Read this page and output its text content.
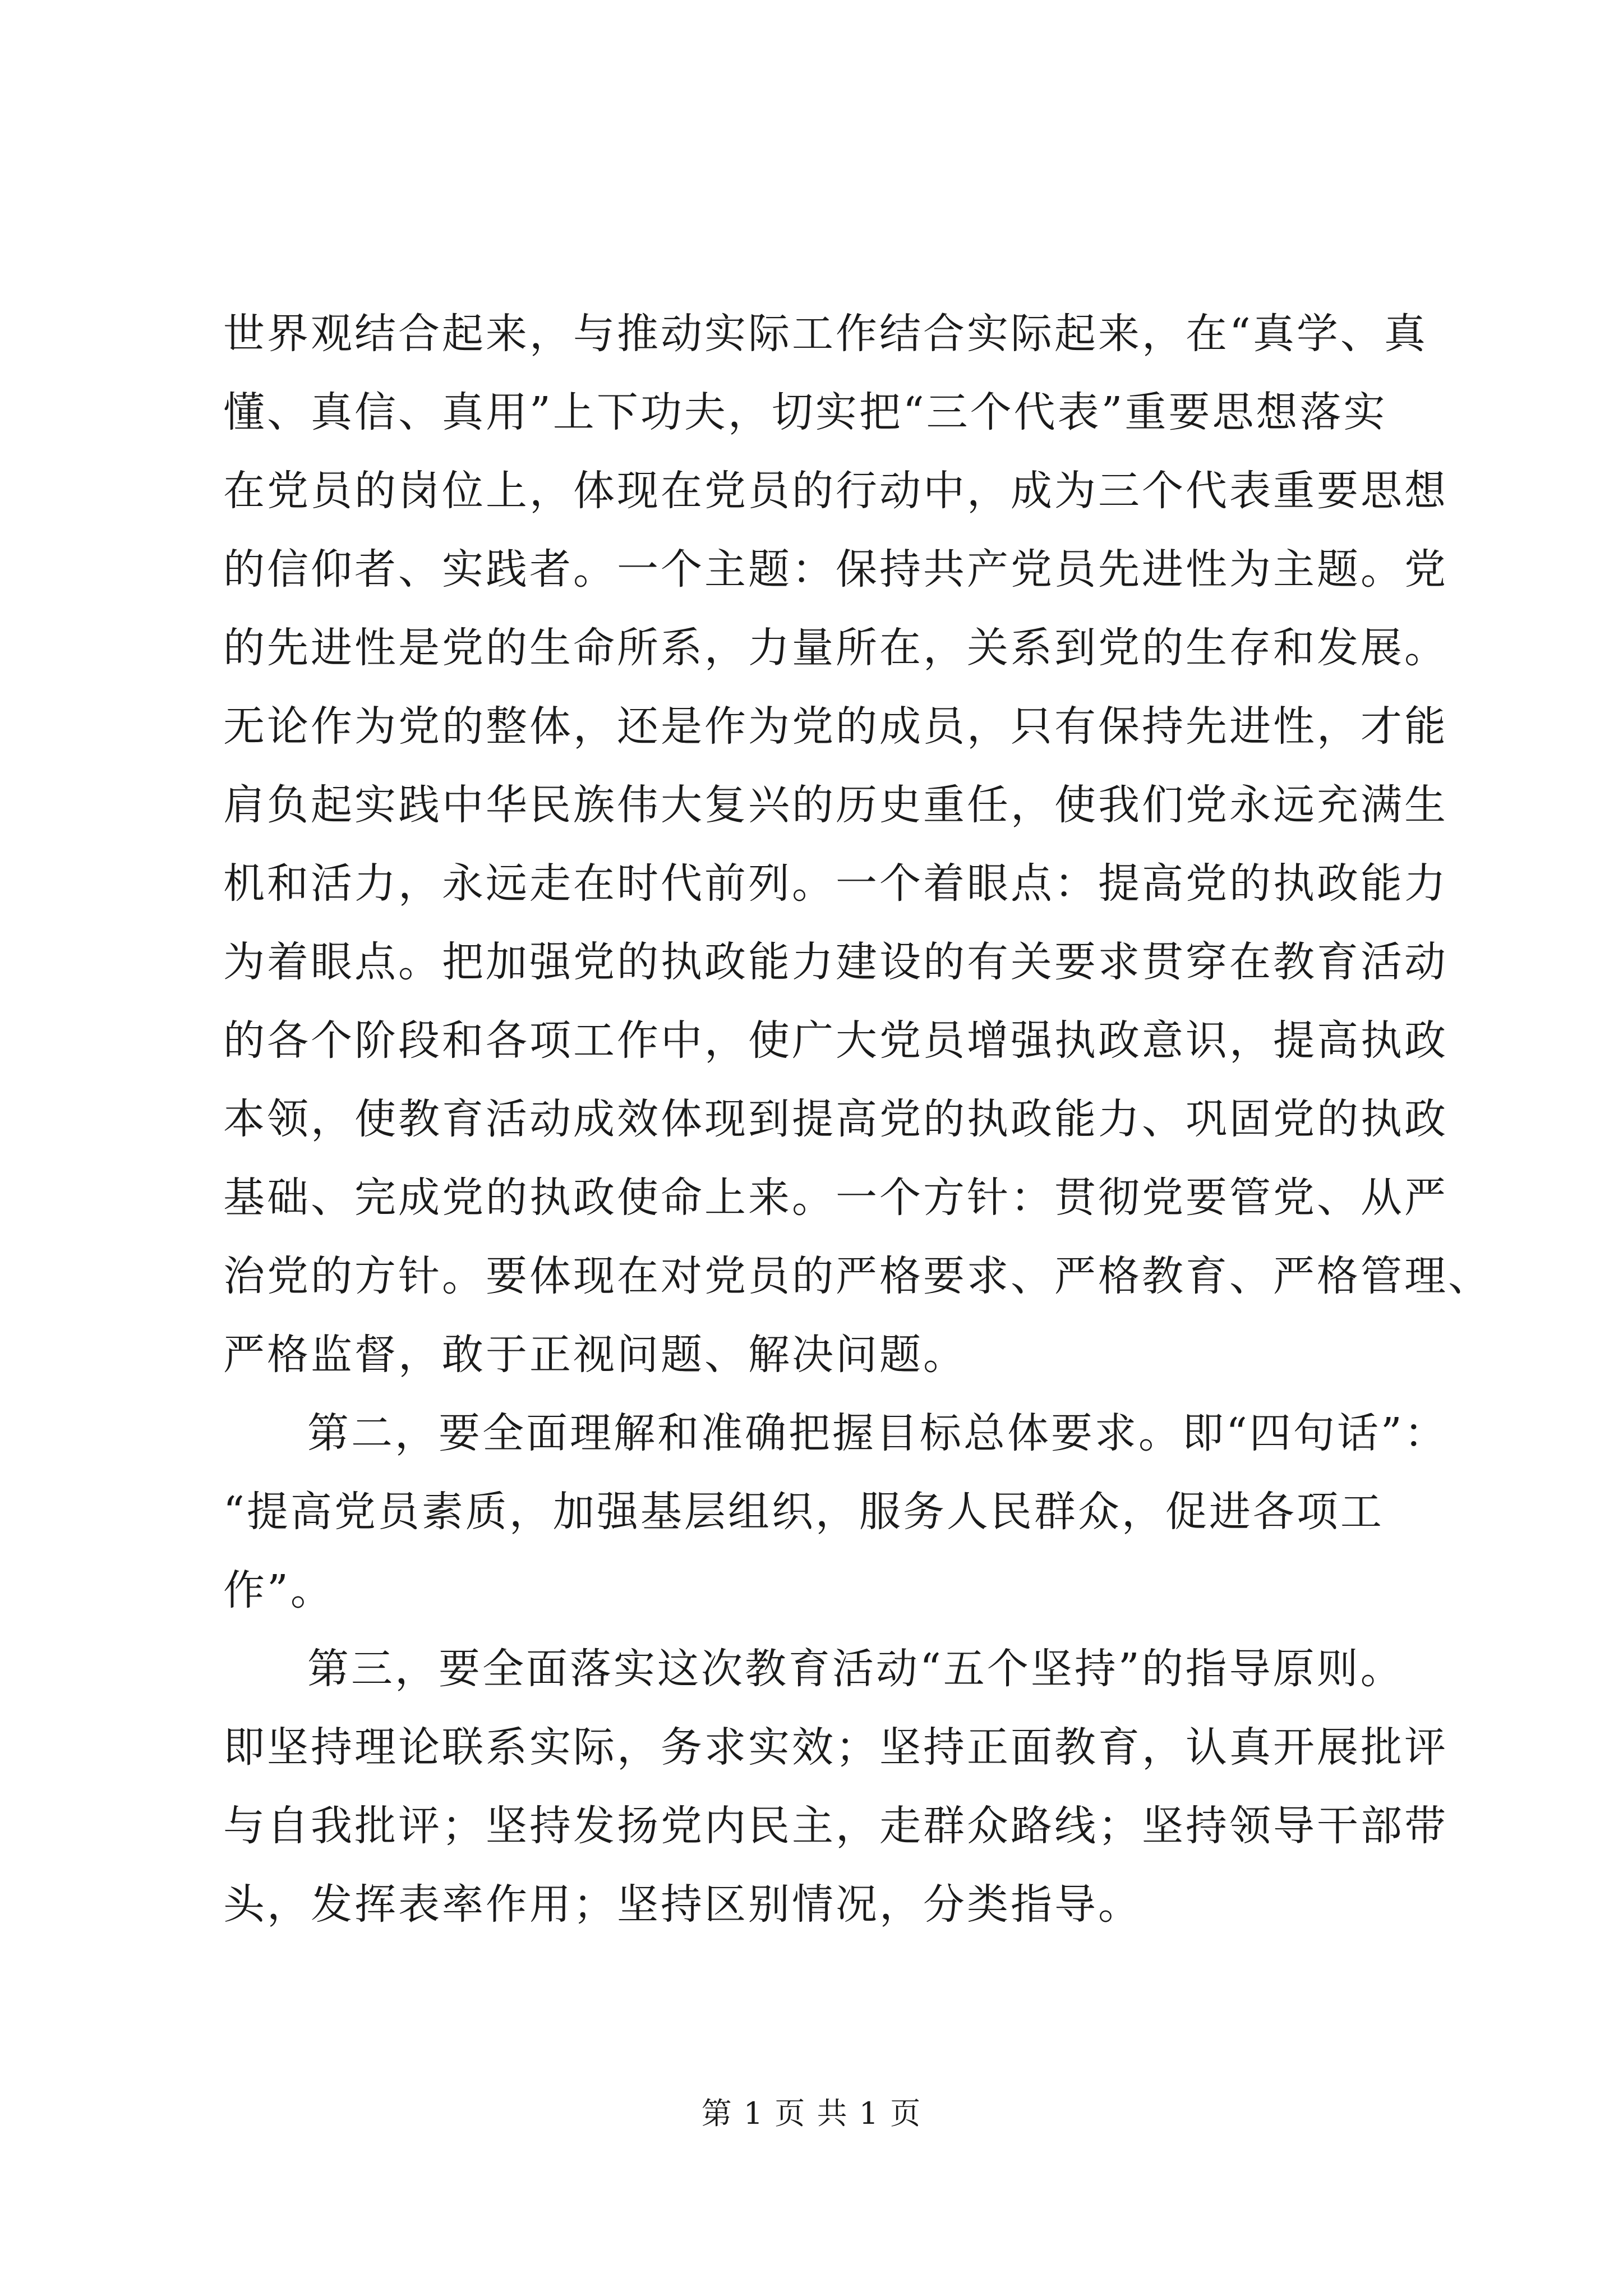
世界观结合起来，与推动实际工作结合实际起来，在“真学、真
懂、真信、真用”上下功夫，切实把“三个代表”重要思想落实
在党员的岗位上，体现在党员的行动中，成为三个代表重要思想
的信仰者、实践者。一个主题：保持共产党员先进性为主题。党
的先进性是党的生命所系，力量所在，关系到党的生存和发展。
无论作为党的整体，还是作为党的成员，只有保持先进性，才能
肩负起实践中华民族伟大复兴的历史重任，使我们党永远充满生
机和活力，永远走在时代前列。一个着眼点：提高党的执政能力
为着眼点。把加强党的执政能力建设的有关要求贯穿在教育活动
的各个阶段和各项工作中，使广大党员增强执政意识，提高执政
本领，使教育活动成效体现到提高党的执政能力、巩固党的执政
基础、完成党的执政使命上来。一个方针：贯彻党要管党、从严
治党的方针。要体现在对党员的严格要求、严格教育、严格管理、
严格监督，敢于正视问题、解决问题。
第二，要全面理解和准确把握目标总体要求。即“四句话”：
“提高党员素质，加强基层组织，服务人民群众，促进各项工
作”。
第三，要全面落实这次教育活动“五个坚持”的指导原则。
即坚持理论联系实际，务求实效；坚持正面教育，认真开展批评
与自我批评；坚持发扬党内民主，走群众路线；坚持领导干部带
头，发挥表率作用；坚持区别情况，分类指导。
第 1 页 共 1 页
